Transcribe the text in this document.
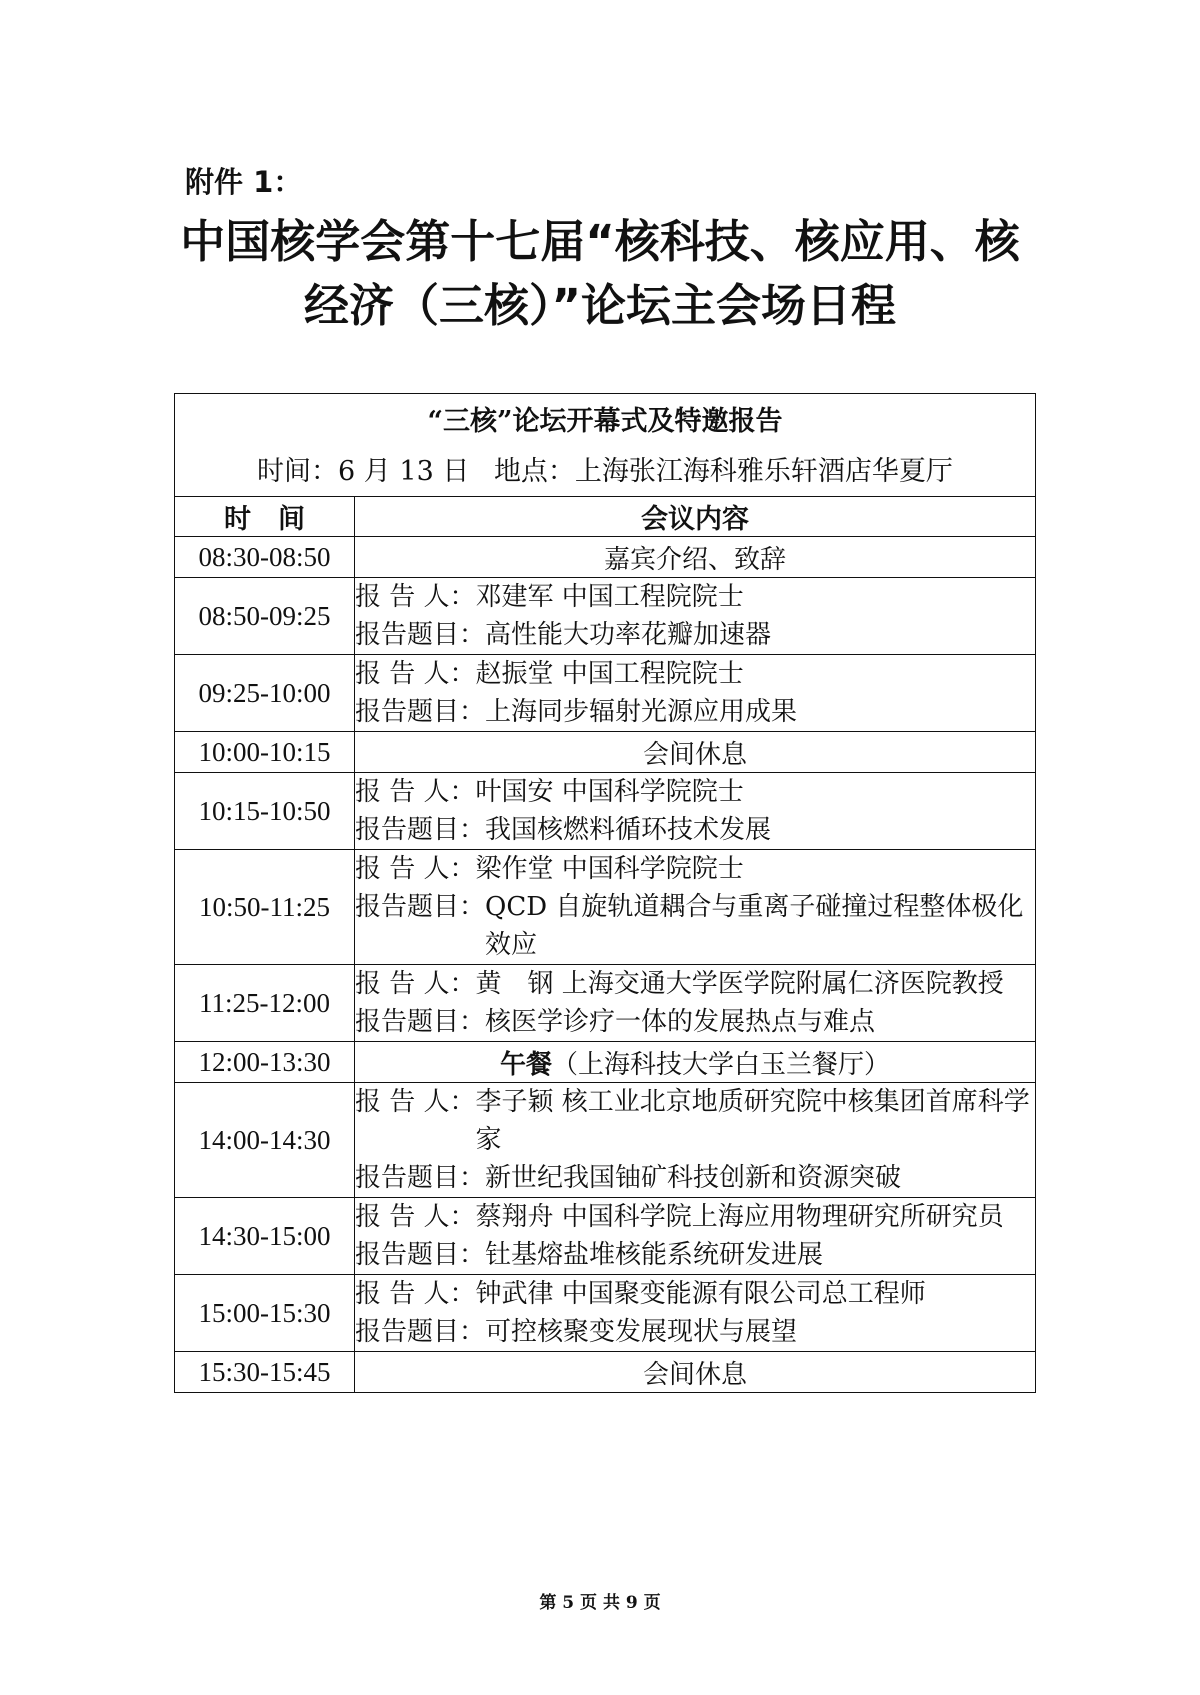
附件 1：
中国核学会第十七届“核科技、核应用、核
经济（三核）”论坛主会场日程
“三核”论坛开幕式及特邀报告
时间：6 月 13 日 地点：上海张江海科雅乐轩酒店华夏厅	

时　间	会议内容
08:30-08:50	嘉宾介绍、致辞
08:50-09:25	报 告 人： 邓建军 中国工程院院士
报告题目： 高性能大功率花瓣加速器

09:25-10:00	报 告 人： 赵振堂 中国工程院院士
报告题目： 上海同步辐射光源应用成果

10:00-10:15	会间休息
10:15-10:50	报 告 人： 叶国安 中国科学院院士
报告题目： 我国核燃料循环技术发展

10:50-11:25	报 告 人： 梁作堂 中国科学院院士
报告题目： QCD 自旋轨道耦合与重离子碰撞过程整体极化效应

11:25-12:00	报 告 人： 黄　钢 上海交通大学医学院附属仁济医院教授
报告题目： 核医学诊疗一体的发展热点与难点

12:00-13:30	午餐（上海科技大学白玉兰餐厅）
14:00-14:30	报 告 人： 李子颖 核工业北京地质研究院中核集团首席科学家
报告题目： 新世纪我国铀矿科技创新和资源突破

14:30-15:00	报 告 人： 蔡翔舟 中国科学院上海应用物理研究所研究员
报告题目： 钍基熔盐堆核能系统研发进展

15:00-15:30	报 告 人： 钟武律 中国聚变能源有限公司总工程师
报告题目： 可控核聚变发展现状与展望

15:30-15:45	会间休息
第 5 页 共 9 页
